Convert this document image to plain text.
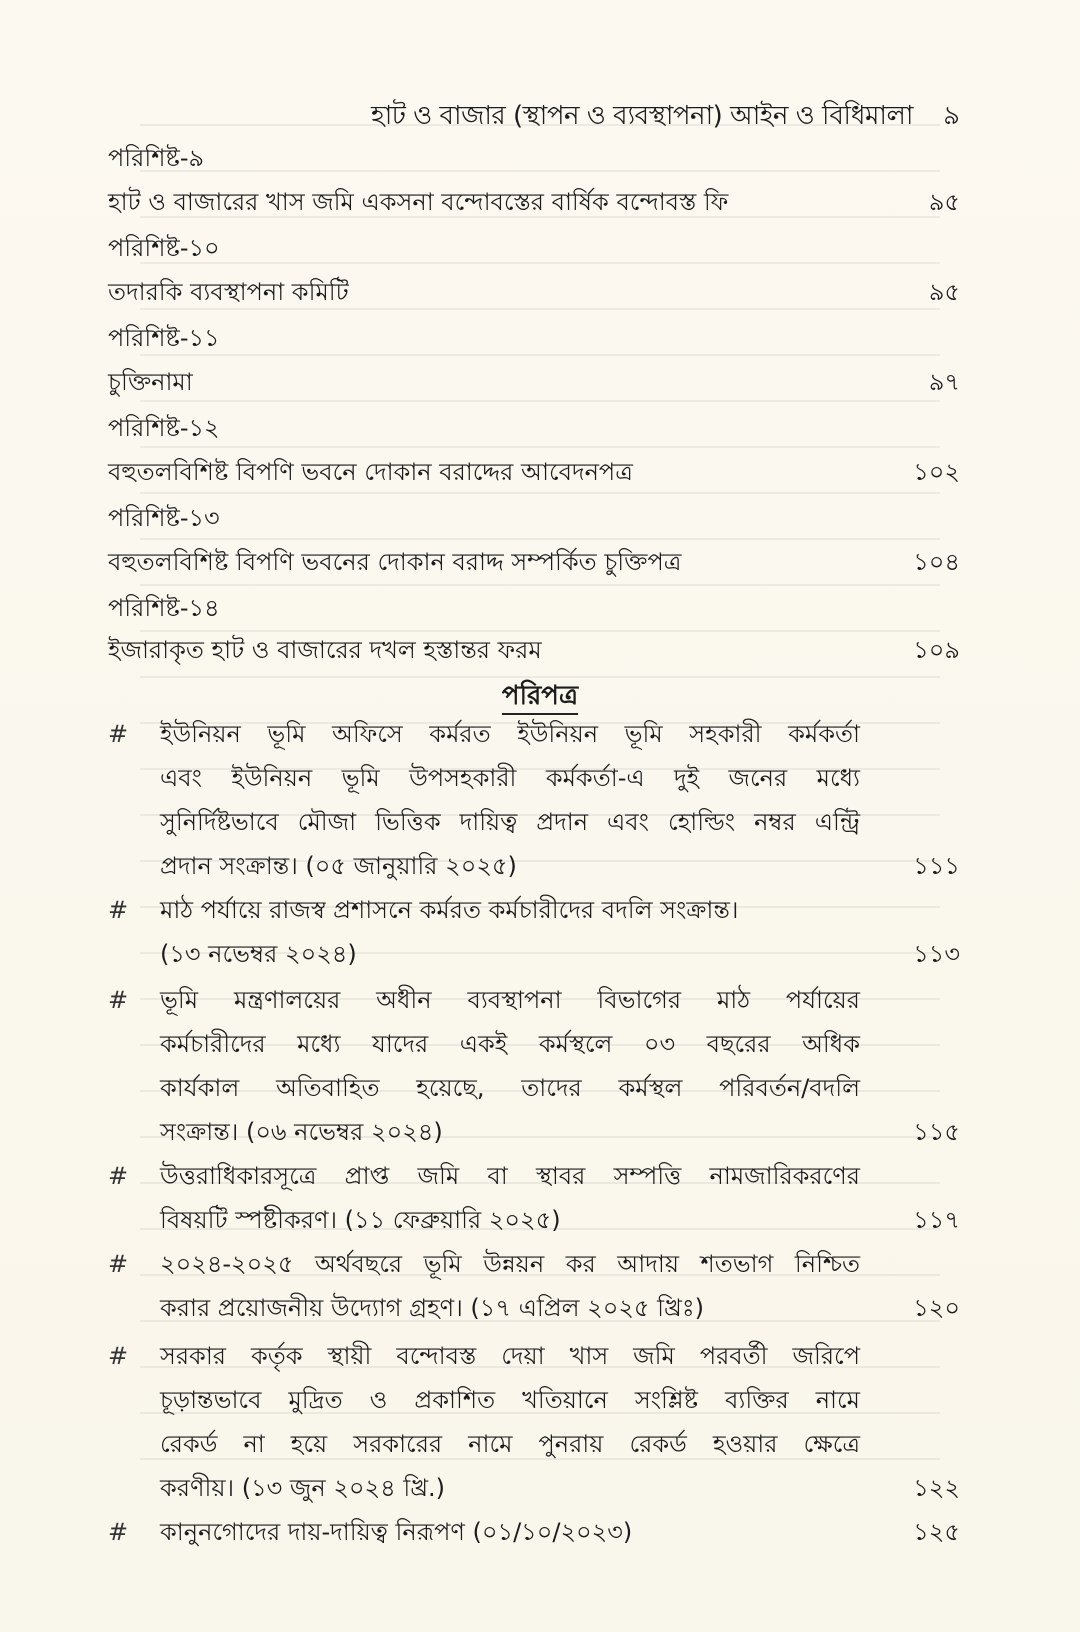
হাট ও বাজার (স্থাপন ও ব্যবস্থাপনা) আইন ও বিধিমালা ৯
পরিশিষ্ট-৯
হাট ও বাজারের খাস জমি একসনা বন্দোবস্তের বার্ষিক বন্দোবস্ত ফি	৯৫
পরিশিষ্ট-১০
তদারকি ব্যবস্থাপনা কমিটি	৯৫
পরিশিষ্ট-১১
চুক্তিনামা	৯৭
পরিশিষ্ট-১২
বহুতলবিশিষ্ট বিপণি ভবনে দোকান বরাদ্দের আবেদনপত্র	১০২
পরিশিষ্ট-১৩
বহুতলবিশিষ্ট বিপণি ভবনের দোকান বরাদ্দ সম্পর্কিত চুক্তিপত্র	১০৪
পরিশিষ্ট-১৪
ইজারাকৃত হাট ও বাজারের দখল হস্তান্তর ফরম	১০৯
পরিপত্র
# ইউনিয়ন ভূমি অফিসে কর্মরত ইউনিয়ন ভূমি সহকারী কর্মকর্তা
এবং ইউনিয়ন ভূমি উপসহকারী কর্মকর্তা-এ দুই জনের মধ্যে
সুনির্দিষ্টভাবে মৌজা ভিত্তিক দায়িত্ব প্রদান এবং হোল্ডিং নম্বর এন্ট্রি
প্রদান সংক্রান্ত। (০৫ জানুয়ারি ২০২৫)	১১১
# মাঠ পর্যায়ে রাজস্ব প্রশাসনে কর্মরত কর্মচারীদের বদলি সংক্রান্ত।
(১৩ নভেম্বর ২০২৪)	১১৩
# ভূমি মন্ত্রণালয়ের অধীন ব্যবস্থাপনা বিভাগের মাঠ পর্যায়ের
কর্মচারীদের মধ্যে যাদের একই কর্মস্থলে ০৩ বছরের অধিক
কার্যকাল অতিবাহিত হয়েছে, তাদের কর্মস্থল পরিবর্তন/বদলি
সংক্রান্ত। (০৬ নভেম্বর ২০২৪)	১১৫
# উত্তরাধিকারসূত্রে প্রাপ্ত জমি বা স্থাবর সম্পত্তি নামজারিকরণের
বিষয়টি স্পষ্টীকরণ। (১১ ফেব্রুয়ারি ২০২৫)	১১৭
# ২০২৪-২০২৫ অর্থবছরে ভূমি উন্নয়ন কর আদায় শতভাগ নিশ্চিত
করার প্রয়োজনীয় উদ্যোগ গ্রহণ। (১৭ এপ্রিল ২০২৫ খ্রিঃ)	১২০
# সরকার কর্তৃক স্থায়ী বন্দোবস্ত দেয়া খাস জমি পরবর্তী জরিপে
চূড়ান্তভাবে মুদ্রিত ও প্রকাশিত খতিয়ানে সংশ্লিষ্ট ব্যক্তির নামে
রেকর্ড না হয়ে সরকারের নামে পুনরায় রেকর্ড হওয়ার ক্ষেত্রে
করণীয়। (১৩ জুন ২০২৪ খ্রি.)	১২২
# কানুনগোদের দায়-দায়িত্ব নিরূপণ (০১/১০/২০২৩)	১২৫
